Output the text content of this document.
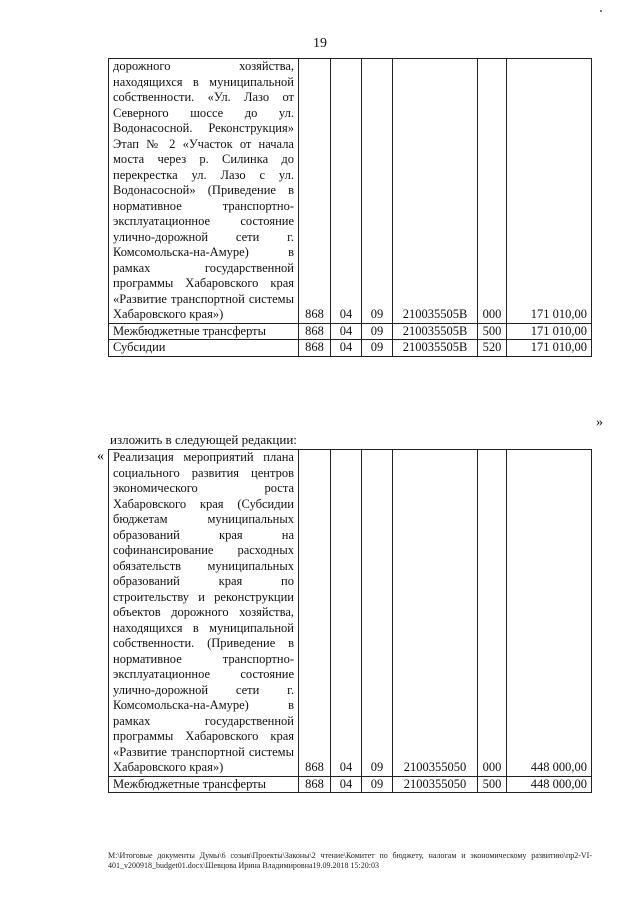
19
дорожного хозяйства, находящихся в муниципальной собственности. «Ул. Лазо от Северного шоссе до ул. Водонасосной. Реконструкция» Этап № 2 «Участок от начала моста через р. Силинка до перекрестка ул. Лазо с ул. Водонасосной» (Приведение в нормативное транспортно-эксплуатационное состояние улично-дорожной сети г. Комсомольска-на-Амуре) в рамках государственной программы Хабаровского края «Развитие транспортной системы Хабаровского края»)	868	04	09	210035505B	000	171 010,00
Межбюджетные трансферты	868	04	09	210035505B	500	171 010,00
Субсидии	868	04	09	210035505B	520	171 010,00
»
изложить в следующей редакции:
« Реализация мероприятий плана социального развития центров экономического роста Хабаровского края (Субсидии бюджетам муниципальных образований края на софинансирование расходных обязательств муниципальных образований края по строительству и реконструкции объектов дорожного хозяйства, находящихся в муниципальной собственности. (Приведение в нормативное транспортно-эксплуатационное состояние улично-дорожной сети г. Комсомольска-на-Амуре) в рамках государственной программы Хабаровского края «Развитие транспортной системы Хабаровского края»)	868	04	09	2100355050	000	448 000,00
Межбюджетные трансферты	868	04	09	2100355050	500	448 000,00
M:\Итоговые документы Думы\6 созыв\Проекты\Законы\2 чтение\Комитет по бюджету, налогам и экономическому развитию\пр2-VI-401_v200918_budget01.docx\Шевцова Ирина Владимировна19.09.2018 15:20:03
